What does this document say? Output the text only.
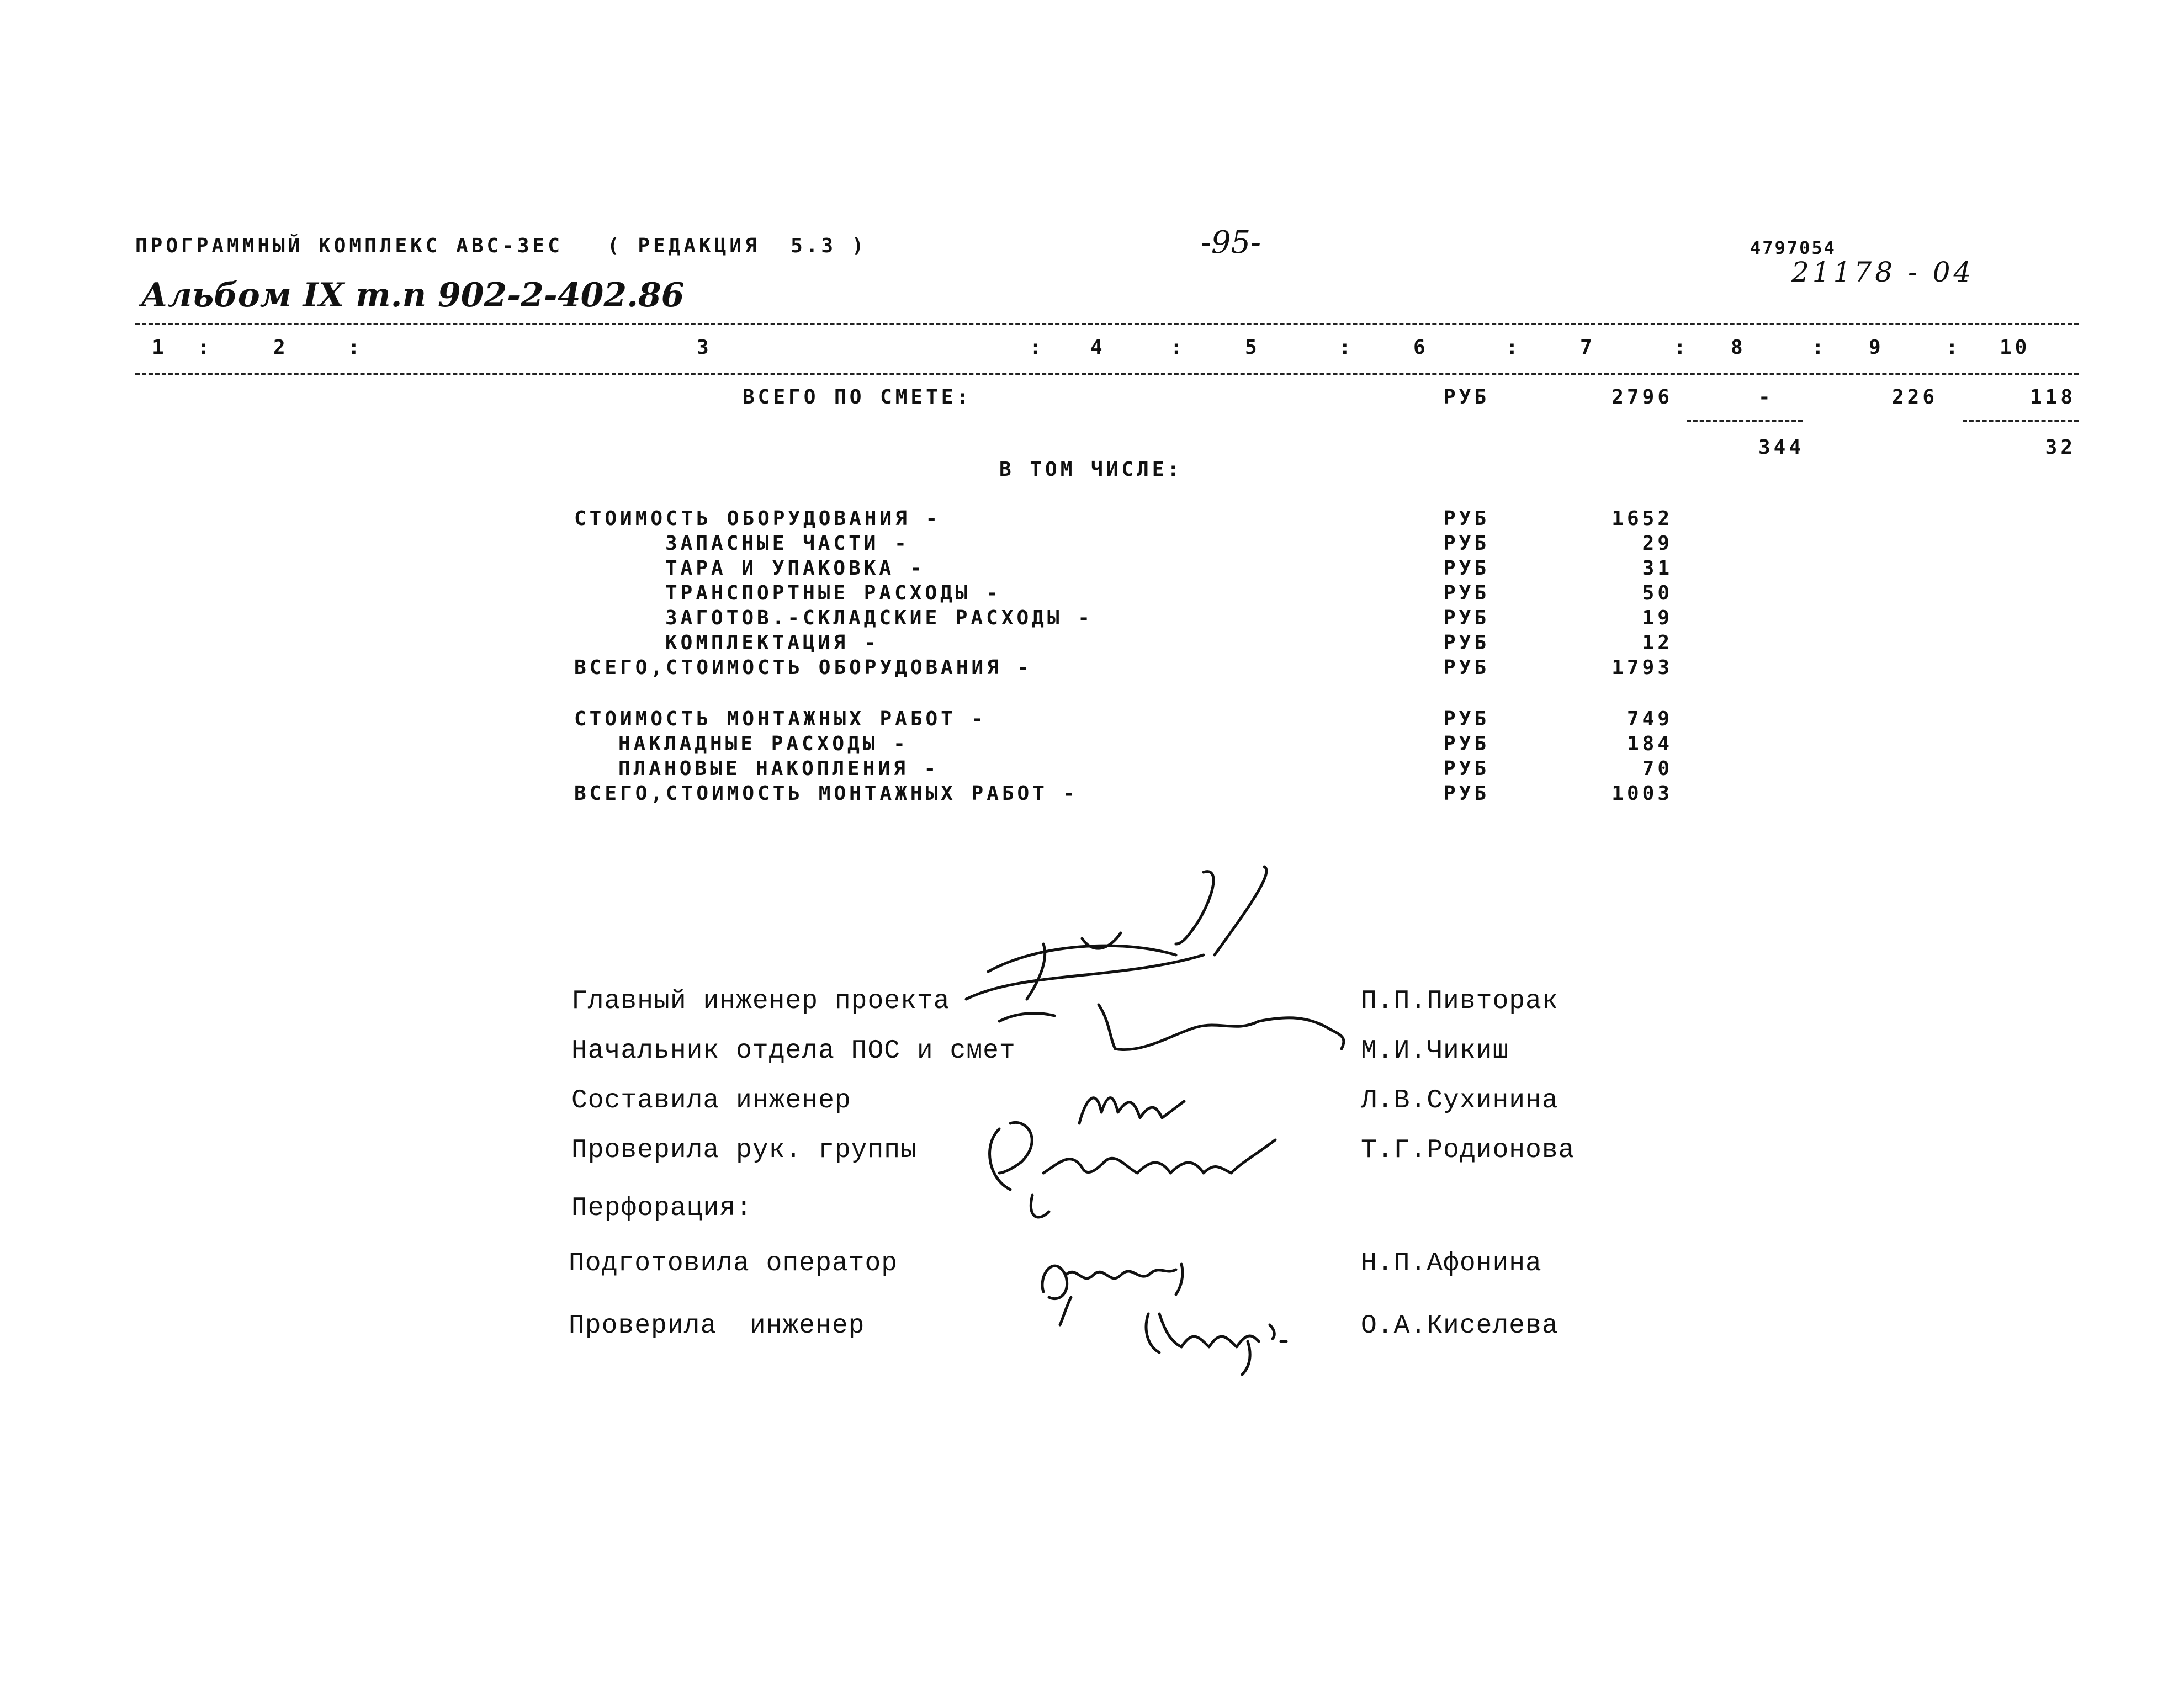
ПРОГРАММНЫЙ КОМПЛЕКС АВС-3ЕС ( РЕДАКЦИЯ  5.3 )	-95-	4797054
21178 - 04
Альбом IX т.п 902-2-402.86
1 :	2	:	3	: 4	:	5	:	6	:	7	: 8	: 9	: 10
ВСЕГО ПО СМЕТЕ:	РУБ	2796	-	226	118
344	32
В ТОМ ЧИСЛЕ:
СТОИМОСТЬ ОБОРУДОВАНИЯ -	РУБ	1652
ЗАПАСНЫЕ ЧАСТИ -	РУБ	29
ТАРА И УПАКОВКА -	РУБ	31
ТРАНСПОРТНЫЕ РАСХОДЫ -	РУБ	50
ЗАГОТОВ.-СКЛАДСКИЕ РАСХОДЫ -	РУБ	19
КОМПЛЕКТАЦИЯ -	РУБ	12
ВСЕГО,СТОИМОСТЬ ОБОРУДОВАНИЯ -	РУБ	1793
СТОИМОСТЬ МОНТАЖНЫХ РАБОТ -	РУБ	749
НАКЛАДНЫЕ РАСХОДЫ -	РУБ	184
ПЛАНОВЫЕ НАКОПЛЕНИЯ -	РУБ	70
ВСЕГО,СТОИМОСТЬ МОНТАЖНЫХ РАБОТ -	РУБ	1003
Главный инженер проекта	П.П.Пивторак
Начальник отдела ПОС и смет	М.И.Чикиш
Составила инженер	Л.В.Сухинина
Проверила рук. группы	Т.Г.Родионова
Перфорация:
Подготовила оператор	Н.П.Афонина
Проверила  инженер	О.А.Киселева
